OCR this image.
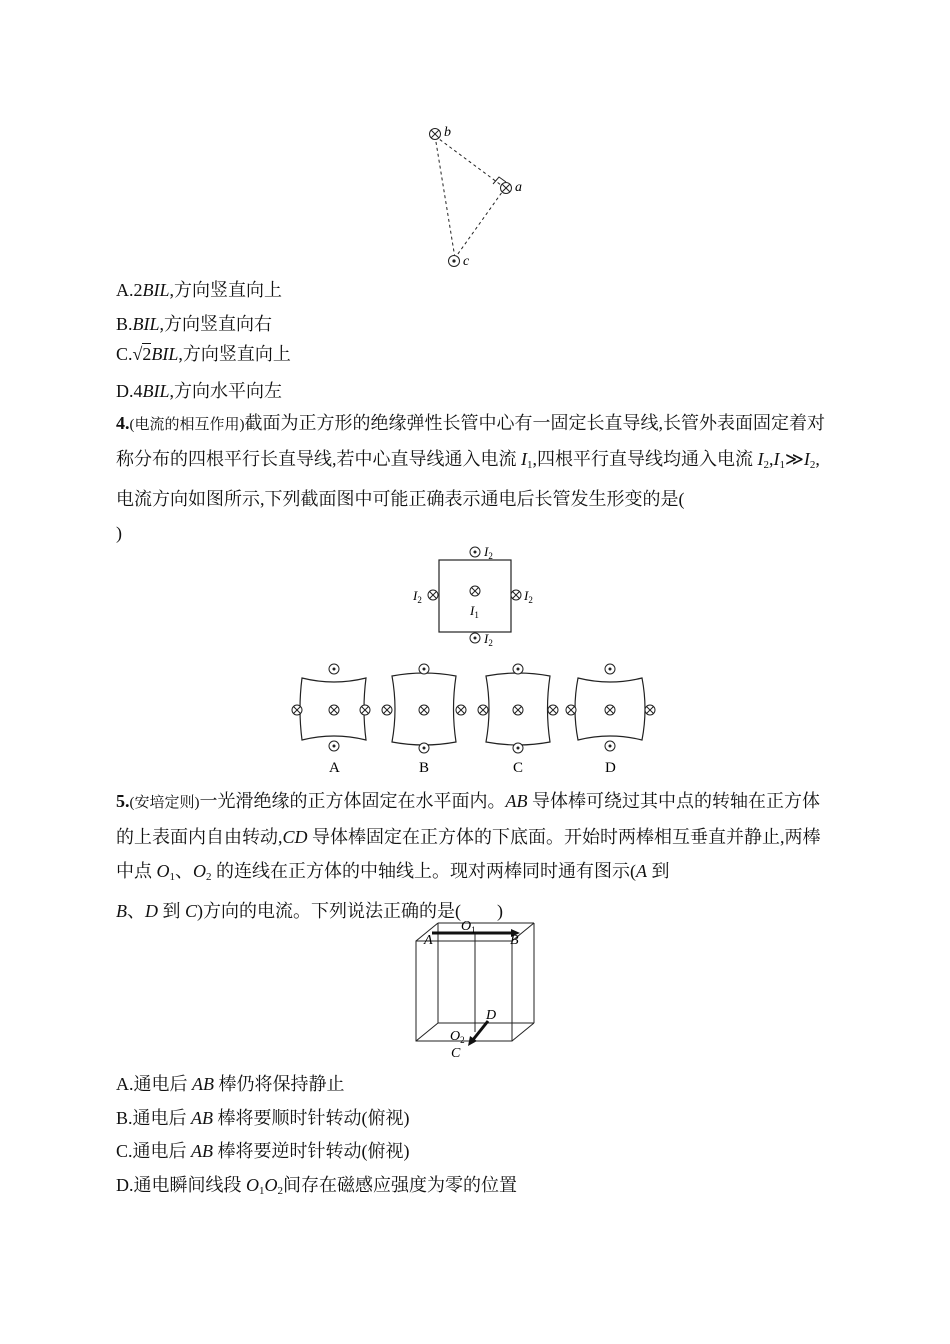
b
a
c
A.2BIL,方向竖直向上
B.BIL,方向竖直向右
C.√2BIL,方向竖直向上
D.4BIL,方向水平向左
4.(电流的相互作用)截面为正方形的绝缘弹性长管中心有一固定长直导线,长管外表面固定着对称分布的四根平行长直导线,若中心直导线通入电流 $I_1$,四根平行直导线均通入电流 $I_2,I_1≫I_2$,电流方向如图所示,下列截面图中可能正确表示通电后长管发生形变的是(
)
$I_2$
$I_2$
$I_2$	$I_2$
$I_1$
A	B	C	D
5.(安培定则)一光滑绝缘的正方体固定在水平面内。AB 导体棒可绕过其中点的转轴在正方体的上表面内自由转动,CD 导体棒固定在正方体的下底面。开始时两棒相互垂直并静止,两棒中点 $O_1$、$O_2$ 的连线在正方体的中轴线上。现对两棒同时通有图示(A 到
B、D 到 C)方向的电流。下列说法正确的是(　　)
A	B
$O_1$
D
$O_2$
C
A.通电后 AB 棒仍将保持静止
B.通电后 AB 棒将要顺时针转动(俯视)
C.通电后 AB 棒将要逆时针转动(俯视)
D.通电瞬间线段 $O_1O_2$间存在磁感应强度为零的位置
